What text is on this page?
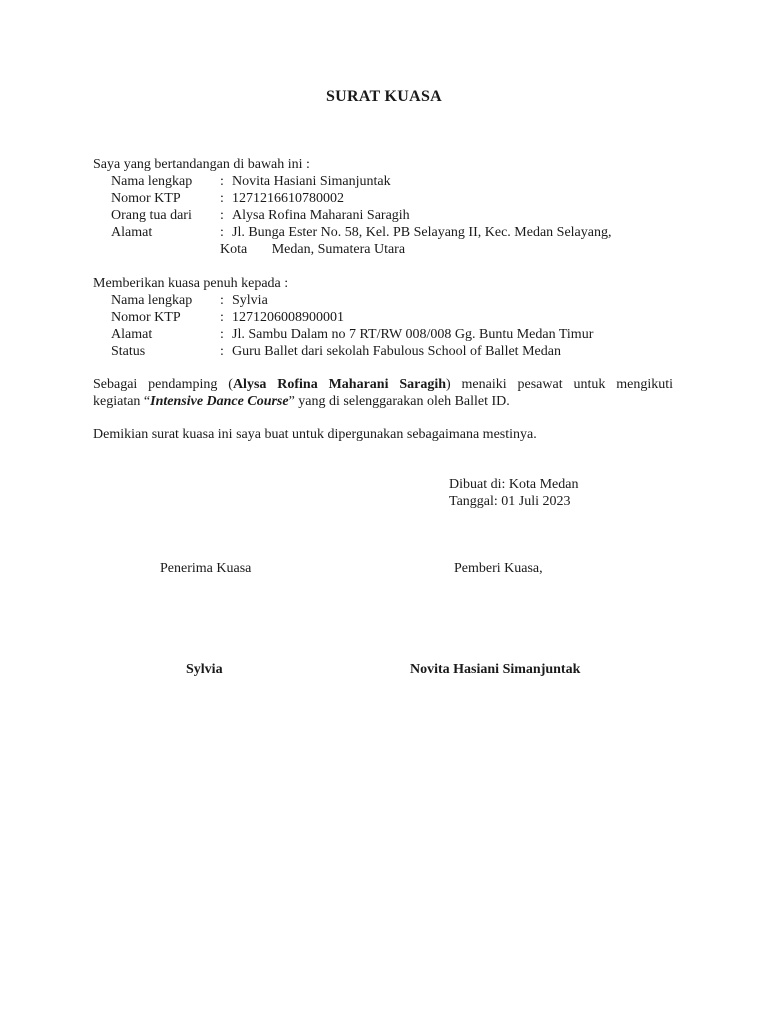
SURAT KUASA
Saya yang bertandangan di bawah ini :
Nama lengkap : Novita Hasiani Simanjuntak
Nomor KTP	: 1271216610780002
Orang tua dari : Alysa Rofina Maharani Saragih
Alamat	: Jl. Bunga Ester No. 58, Kel. PB Selayang II, Kec. Medan Selayang,
Kota       Medan, Sumatera Utara
Memberikan kuasa penuh kepada :
Nama lengkap : Sylvia
Nomor KTP	: 1271206008900001
Alamat	: Jl. Sambu Dalam no 7 RT/RW 008/008 Gg. Buntu Medan Timur
Status	: Guru Ballet dari sekolah Fabulous School of Ballet Medan
Sebagai pendamping (Alysa Rofina Maharani Saragih) menaiki pesawat untuk mengikuti
kegiatan “Intensive Dance Course” yang di selenggarakan oleh Ballet ID.
Demikian surat kuasa ini saya buat untuk dipergunakan sebagaimana mestinya.
Dibuat di: Kota Medan
Tanggal: 01 Juli 2023
Penerima Kuasa	Pemberi Kuasa,
Sylvia	Novita Hasiani Simanjuntak
